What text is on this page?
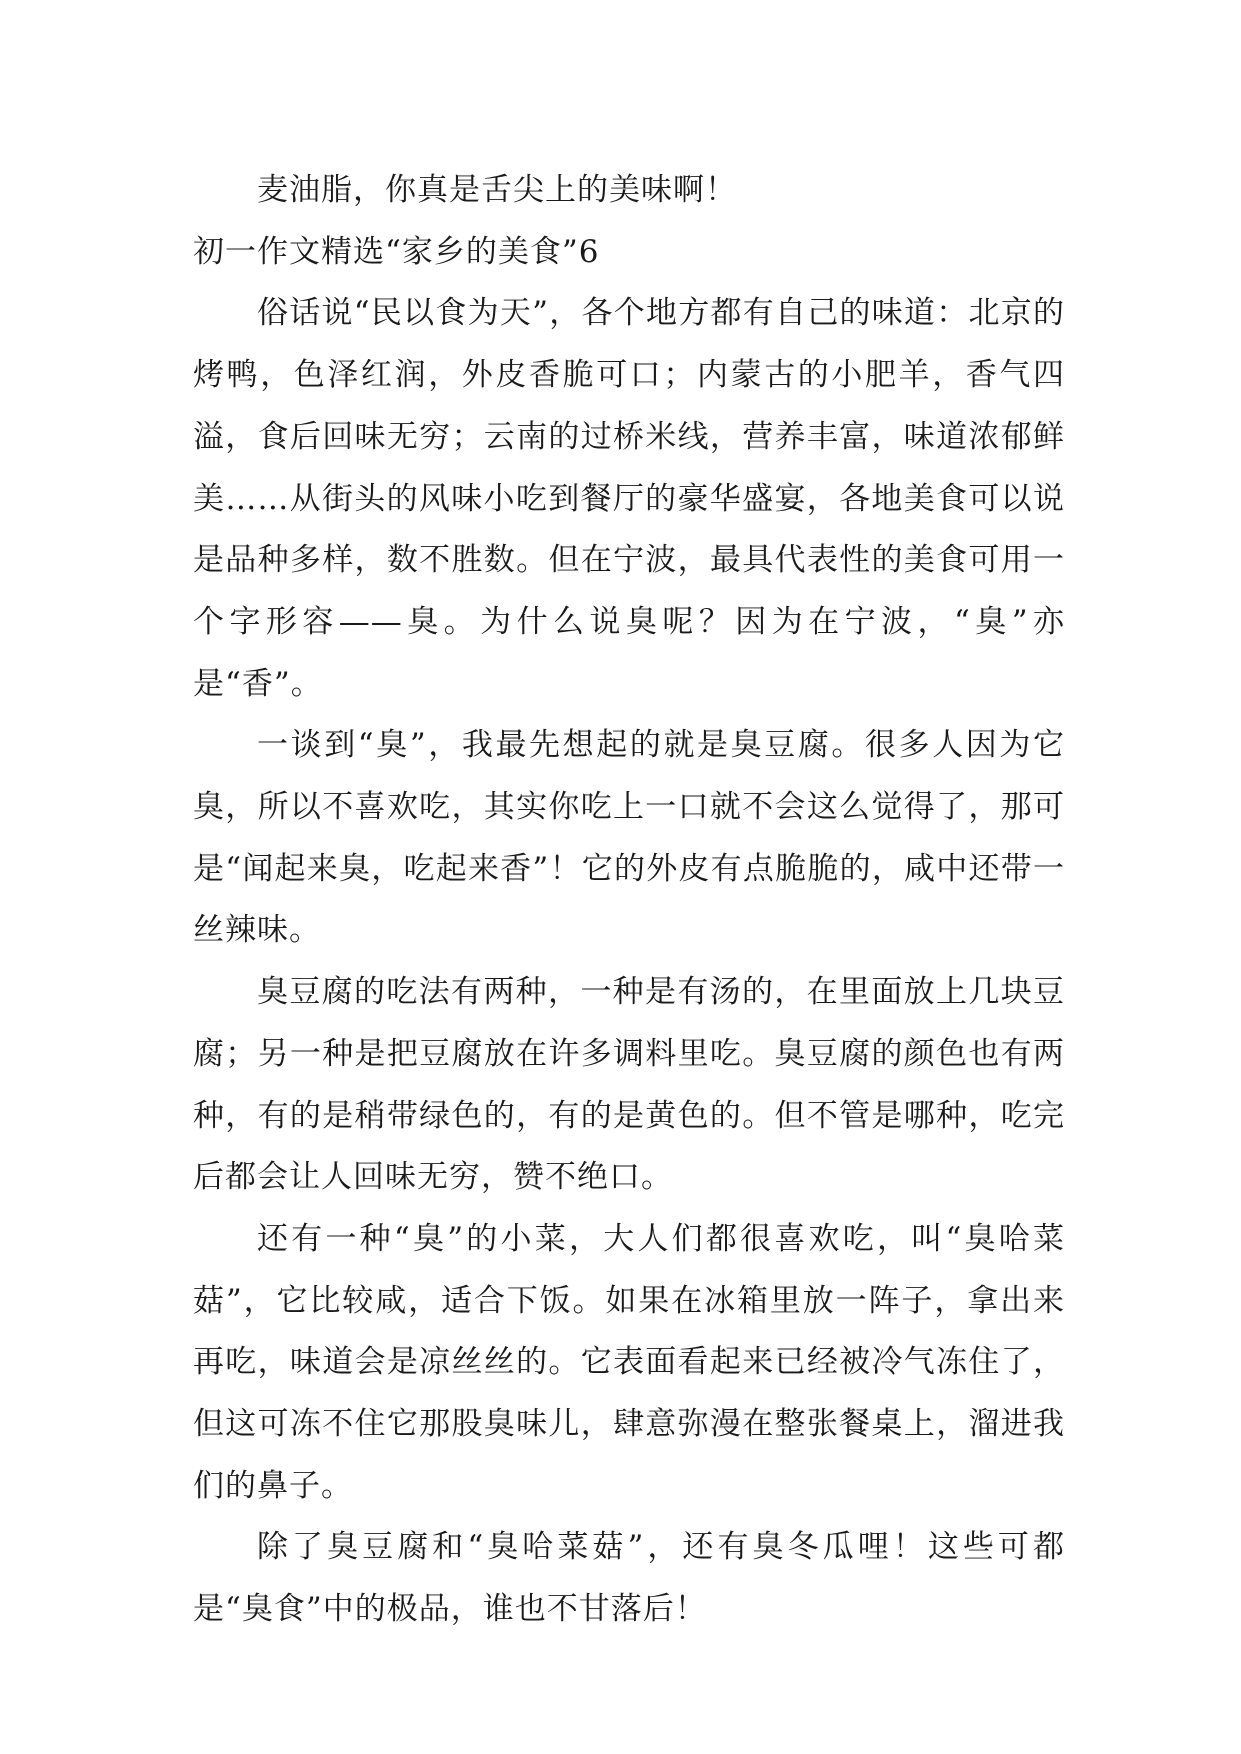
麦油脂，你真是舌尖上的美味啊！

初一作文精选“家乡的美食”6

俗话说“民以食为天”，各个地方都有自己的味道：北京的烤鸭，色泽红润，外皮香脆可口；内蒙古的小肥羊，香气四溢，食后回味无穷；云南的过桥米线，营养丰富，味道浓郁鲜美……从街头的风味小吃到餐厅的豪华盛宴，各地美食可以说是品种多样，数不胜数。但在宁波，最具代表性的美食可用一个字形容——臭。为什么说臭呢？因为在宁波，“臭”亦是“香”。

一谈到“臭”，我最先想起的就是臭豆腐。很多人因为它臭，所以不喜欢吃，其实你吃上一口就不会这么觉得了，那可是“闻起来臭，吃起来香”！它的外皮有点脆脆的，咸中还带一丝辣味。

臭豆腐的吃法有两种，一种是有汤的，在里面放上几块豆腐；另一种是把豆腐放在许多调料里吃。臭豆腐的颜色也有两种，有的是稍带绿色的，有的是黄色的。但不管是哪种，吃完后都会让人回味无穷，赞不绝口。

还有一种“臭”的小菜，大人们都很喜欢吃，叫“臭哈菜菇”，它比较咸，适合下饭。如果在冰箱里放一阵子，拿出来再吃，味道会是凉丝丝的。它表面看起来已经被冷气冻住了，但这可冻不住它那股臭味儿，肆意弥漫在整张餐桌上，溜进我们的鼻子。

除了臭豆腐和“臭哈菜菇”，还有臭冬瓜哩！这些可都是“臭食”中的极品，谁也不甘落后！
